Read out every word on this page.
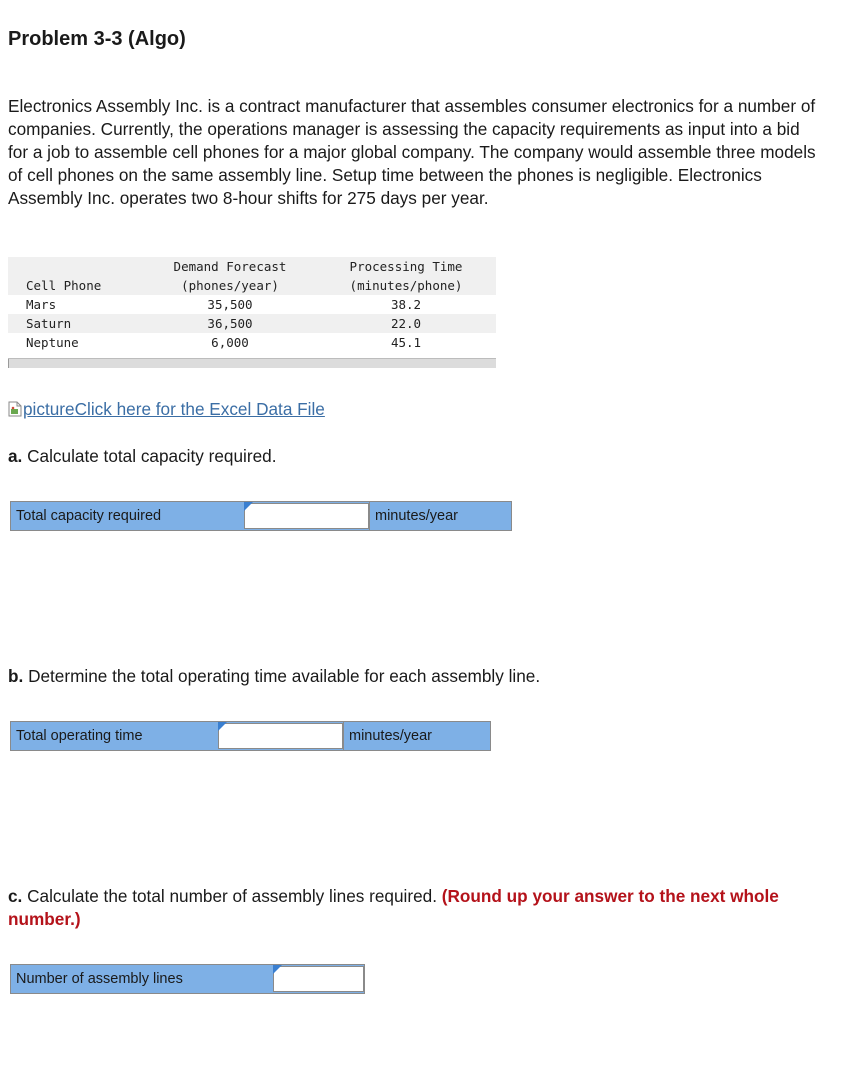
Problem 3-3 (Algo)

Electronics Assembly Inc. is a contract manufacturer that assembles consumer electronics for a number of companies. Currently, the operations manager is assessing the capacity requirements as input into a bid for a job to assemble cell phones for a major global company. The company would assemble three models of cell phones on the same assembly line. Setup time between the phones is negligible. Electronics Assembly Inc. operates two 8-hour shifts for 275 days per year.

	Demand Forecast	Processing Time
Cell Phone	(phones/year)	(minutes/phone)
Mars	35,500	38.2
Saturn	36,500	22.0
Neptune	6,000	45.1
pictureClick here for the Excel Data File

a. Calculate total capacity required.

Total capacity required	minutes/year

b. Determine the total operating time available for each assembly line.

Total operating time	minutes/year

c. Calculate the total number of assembly lines required. (Round up your answer to the next whole number.)

Number of assembly lines
